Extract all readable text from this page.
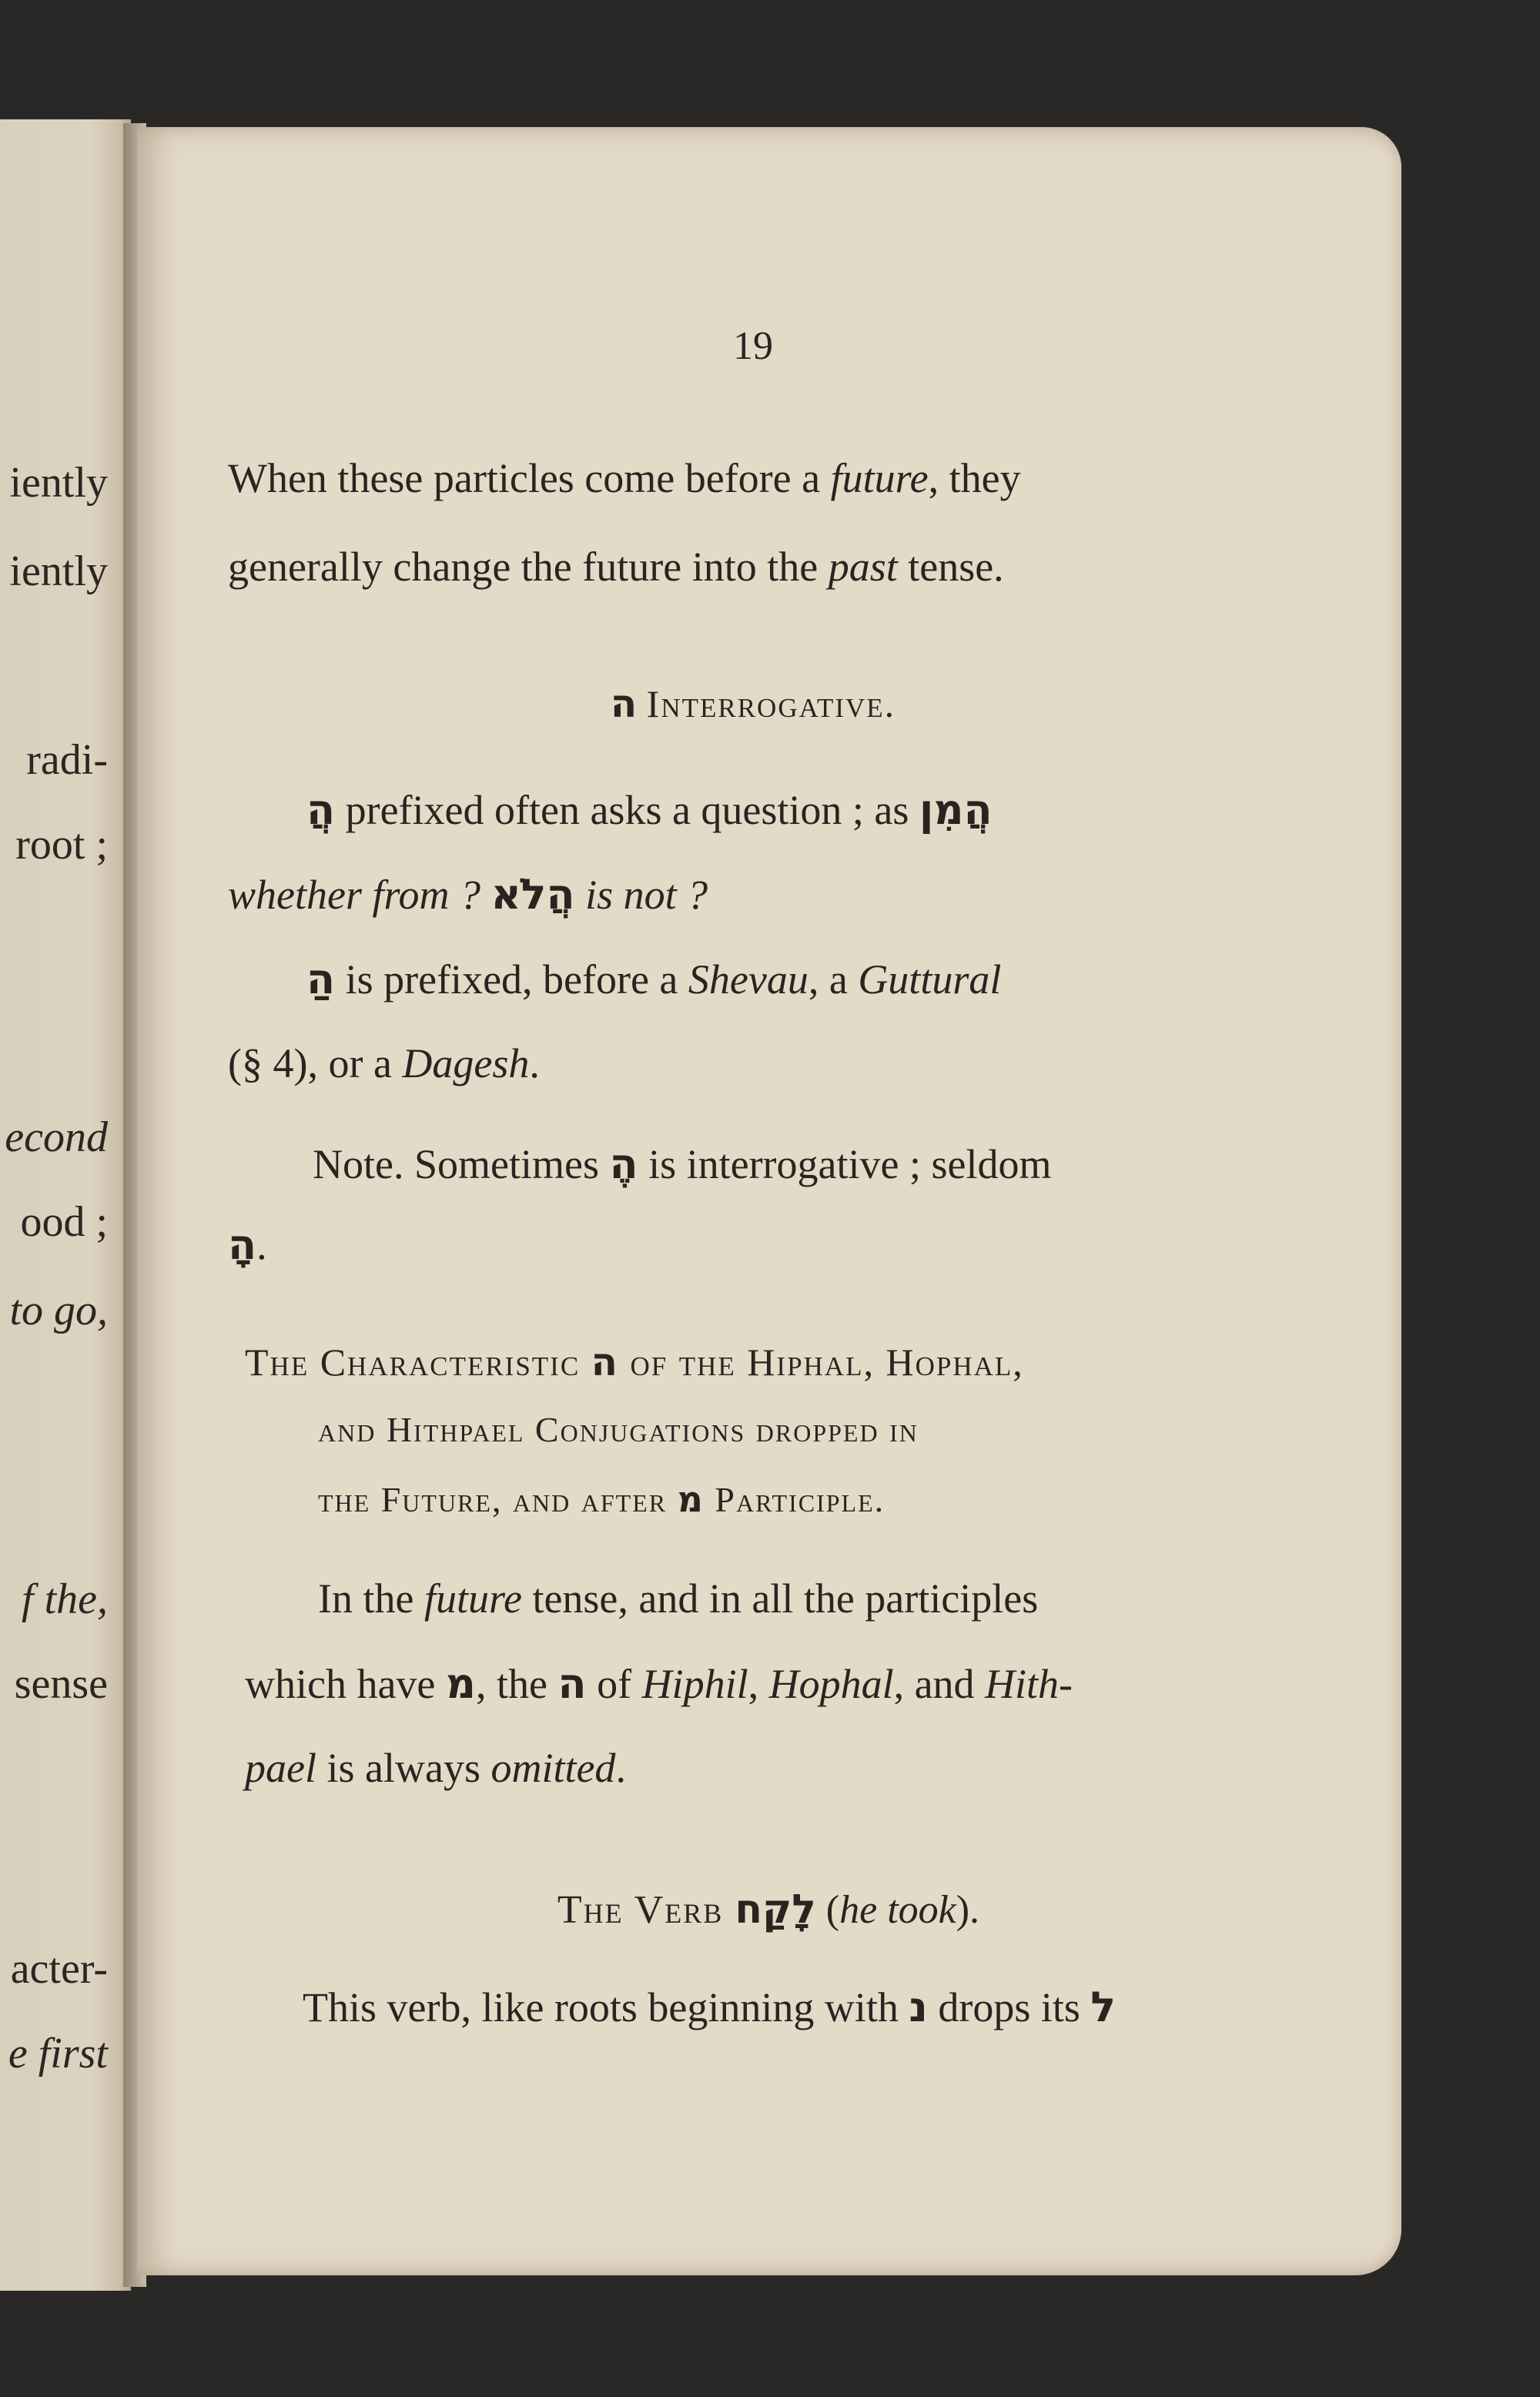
iently
iently
radi-
root ;
econd
ood ;
to go,
f the,
sense
acter-
e first
19
When these particles come before a future, they
generally change the future into the past tense.
ה Interrogative.
הֲ prefixed often asks a question ; as הֲמִן
whether from ? הֲלֹא is not ?
הַ is prefixed, before a Shevau, a Guttural
(§ 4), or a Dagesh.
Note. Sometimes הֶ is interrogative ; seldom
הָ.
The Characteristic ה of the Hiphal, Hophal,
and Hithpael Conjugations dropped in
the Future, and after מ Participle.
In the future tense, and in all the participles
which have מ, the ה of Hiphil, Hophal, and Hith-
pael is always omitted.
The Verb לָקַח (he took).
This verb, like roots beginning with נ drops its ל
